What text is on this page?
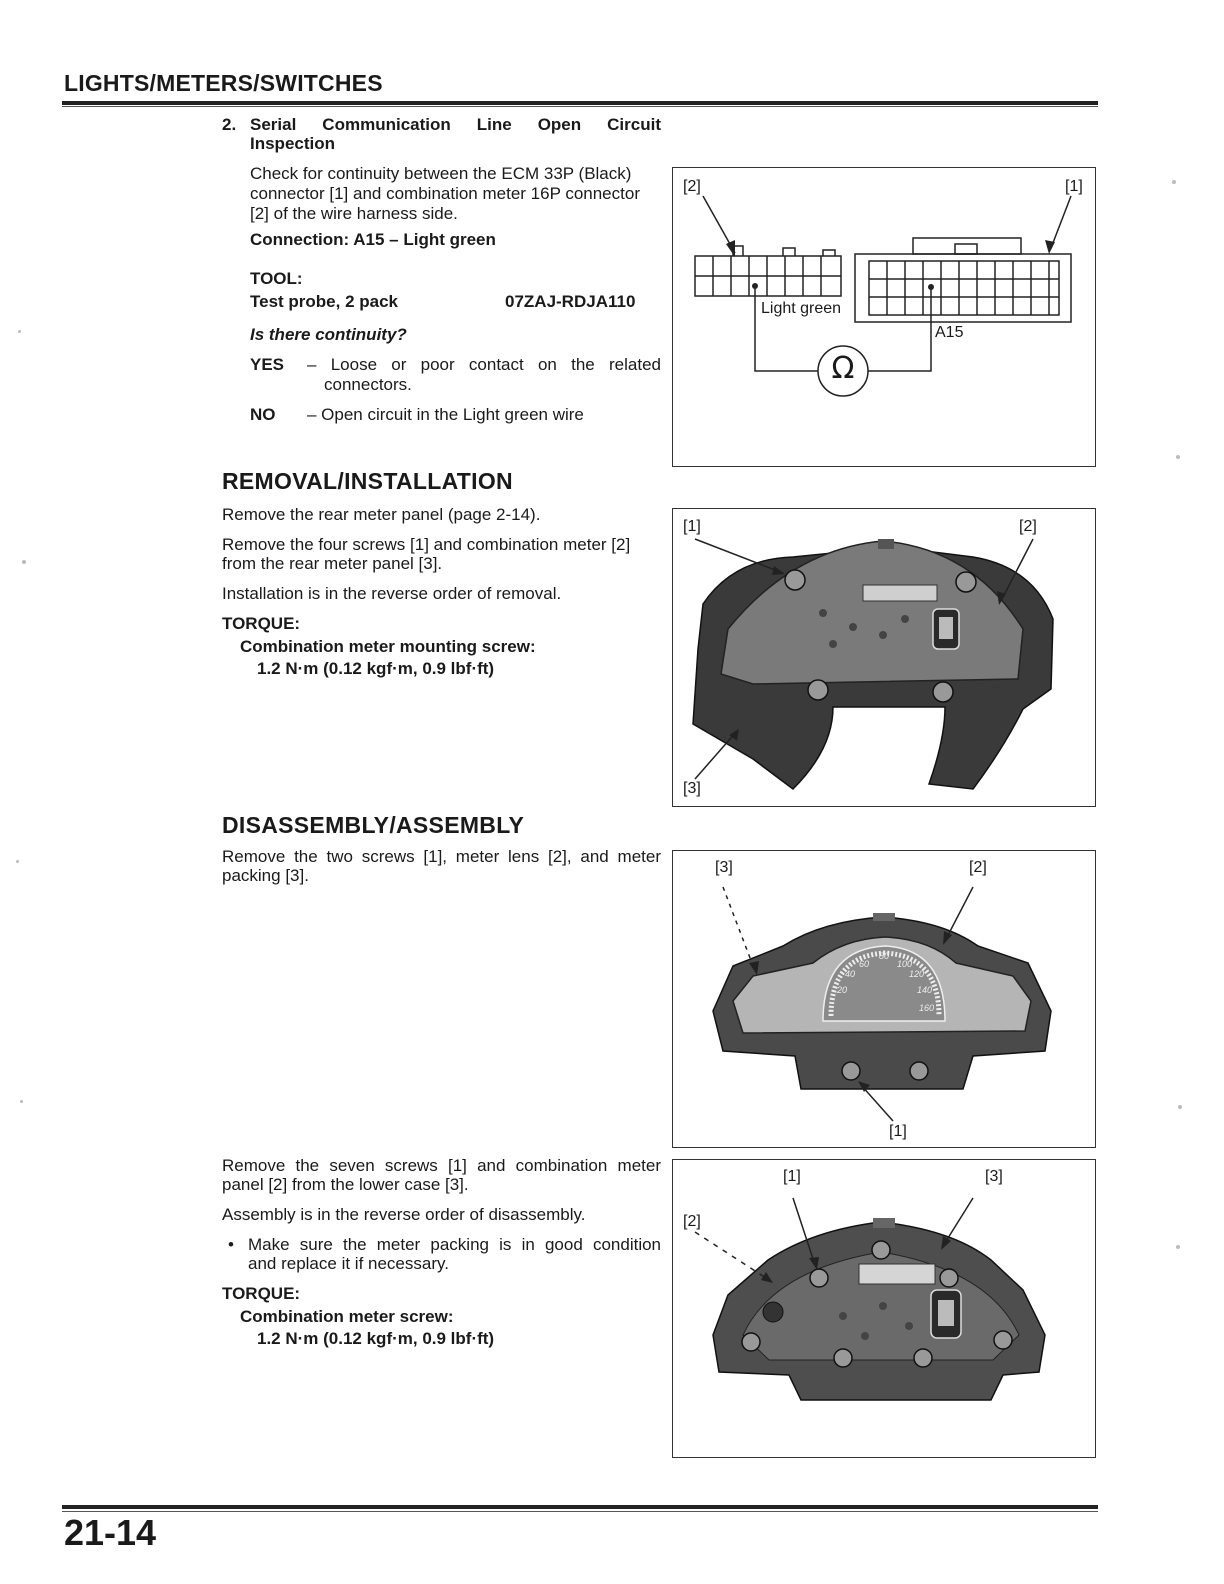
LIGHTS/METERS/SWITCHES
2. Serial Communication Line Open Circuit
Inspection
Check for continuity between the ECM 33P (Black)
connector [1] and combination meter 16P connector
[2] of the wire harness side.
Connection: A15 – Light green
TOOL:
Test probe, 2 pack	07ZAJ-RDJA110
Is there continuity?
YES – Loose or poor contact on the related
connectors.
NO – Open circuit in the Light green wire
[2]	[1]
Light green
A15
Ω
REMOVAL/INSTALLATION
Remove the rear meter panel (page 2-14).
Remove the four screws [1] and combination meter [2]
from the rear meter panel [3].
Installation is in the reverse order of removal.
TORQUE:
Combination meter mounting screw:
1.2 N·m (0.12 kgf·m, 0.9 lbf·ft)
[1]	[2]
[3]
DISASSEMBLY/ASSEMBLY
Remove the two screws [1], meter lens [2], and meter
packing [3].
60
80
100
40	120
20	140
160
[3]	[2]
[1]
Remove the seven screws [1] and combination meter
panel [2] from the lower case [3].
Assembly is in the reverse order of disassembly.
• Make sure the meter packing is in good condition
and replace it if necessary.
TORQUE:
Combination meter screw:
1.2 N·m (0.12 kgf·m, 0.9 lbf·ft)
[1]	[3]
[2]
21-14
